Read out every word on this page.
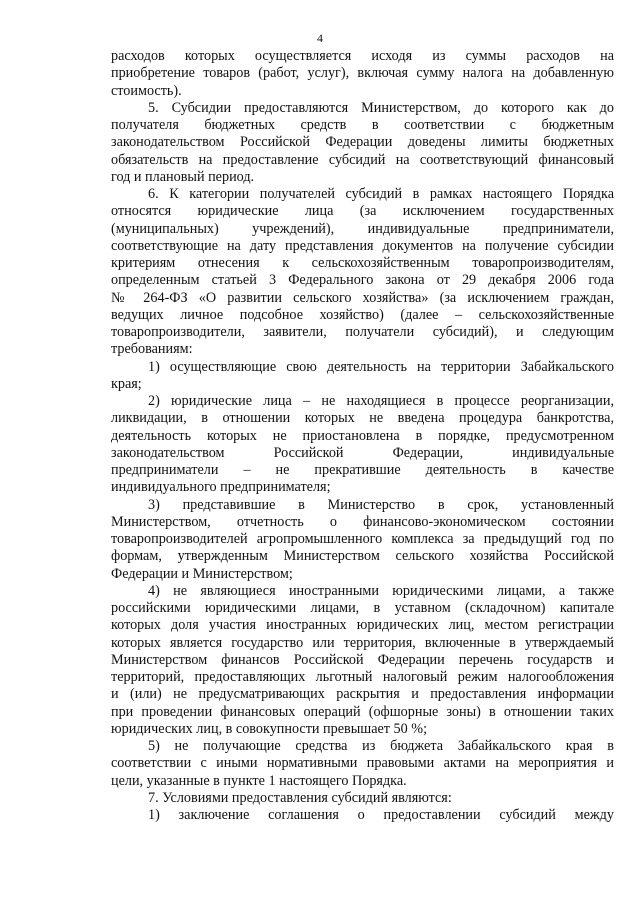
4
расходов которых осуществляется исходя из суммы расходов на
приобретение товаров (работ, услуг), включая сумму налога на добавленную
стоимость).
5. Субсидии предоставляются Министерством, до которого как до
получателя бюджетных средств в соответствии с бюджетным
законодательством Российской Федерации доведены лимиты бюджетных
обязательств на предоставление субсидий на соответствующий финансовый
год и плановый период.
6. К категории получателей субсидий в рамках настоящего Порядка
относятся юридические лица (за исключением государственных
(муниципальных) учреждений), индивидуальные предприниматели,
соответствующие на дату представления документов на получение субсидии
критериям отнесения к сельскохозяйственным товаропроизводителям,
определенным статьей 3 Федерального закона от 29 декабря 2006 года
№ 264-ФЗ «О развитии сельского хозяйства» (за исключением граждан,
ведущих личное подсобное хозяйство) (далее – сельскохозяйственные
товаропроизводители, заявители, получатели субсидий), и следующим
требованиям:
1) осуществляющие свою деятельность на территории Забайкальского
края;
2) юридические лица – не находящиеся в процессе реорганизации,
ликвидации, в отношении которых не введена процедура банкротства,
деятельность которых не приостановлена в порядке, предусмотренном
законодательством Российской Федерации, индивидуальные
предприниматели – не прекратившие деятельность в качестве
индивидуального предпринимателя;
3) представившие в Министерство в срок, установленный
Министерством, отчетность о финансово-экономическом состоянии
товаропроизводителей агропромышленного комплекса за предыдущий год по
формам, утвержденным Министерством сельского хозяйства Российской
Федерации и Министерством;
4) не являющиеся иностранными юридическими лицами, а также
российскими юридическими лицами, в уставном (складочном) капитале
которых доля участия иностранных юридических лиц, местом регистрации
которых является государство или территория, включенные в утверждаемый
Министерством финансов Российской Федерации перечень государств и
территорий, предоставляющих льготный налоговый режим налогообложения
и (или) не предусматривающих раскрытия и предоставления информации
при проведении финансовых операций (офшорные зоны) в отношении таких
юридических лиц, в совокупности превышает 50 %;
5) не получающие средства из бюджета Забайкальского края в
соответствии с иными нормативными правовыми актами на мероприятия и
цели, указанные в пункте 1 настоящего Порядка.
7. Условиями предоставления субсидий являются:
1) заключение соглашения о предоставлении субсидий между
